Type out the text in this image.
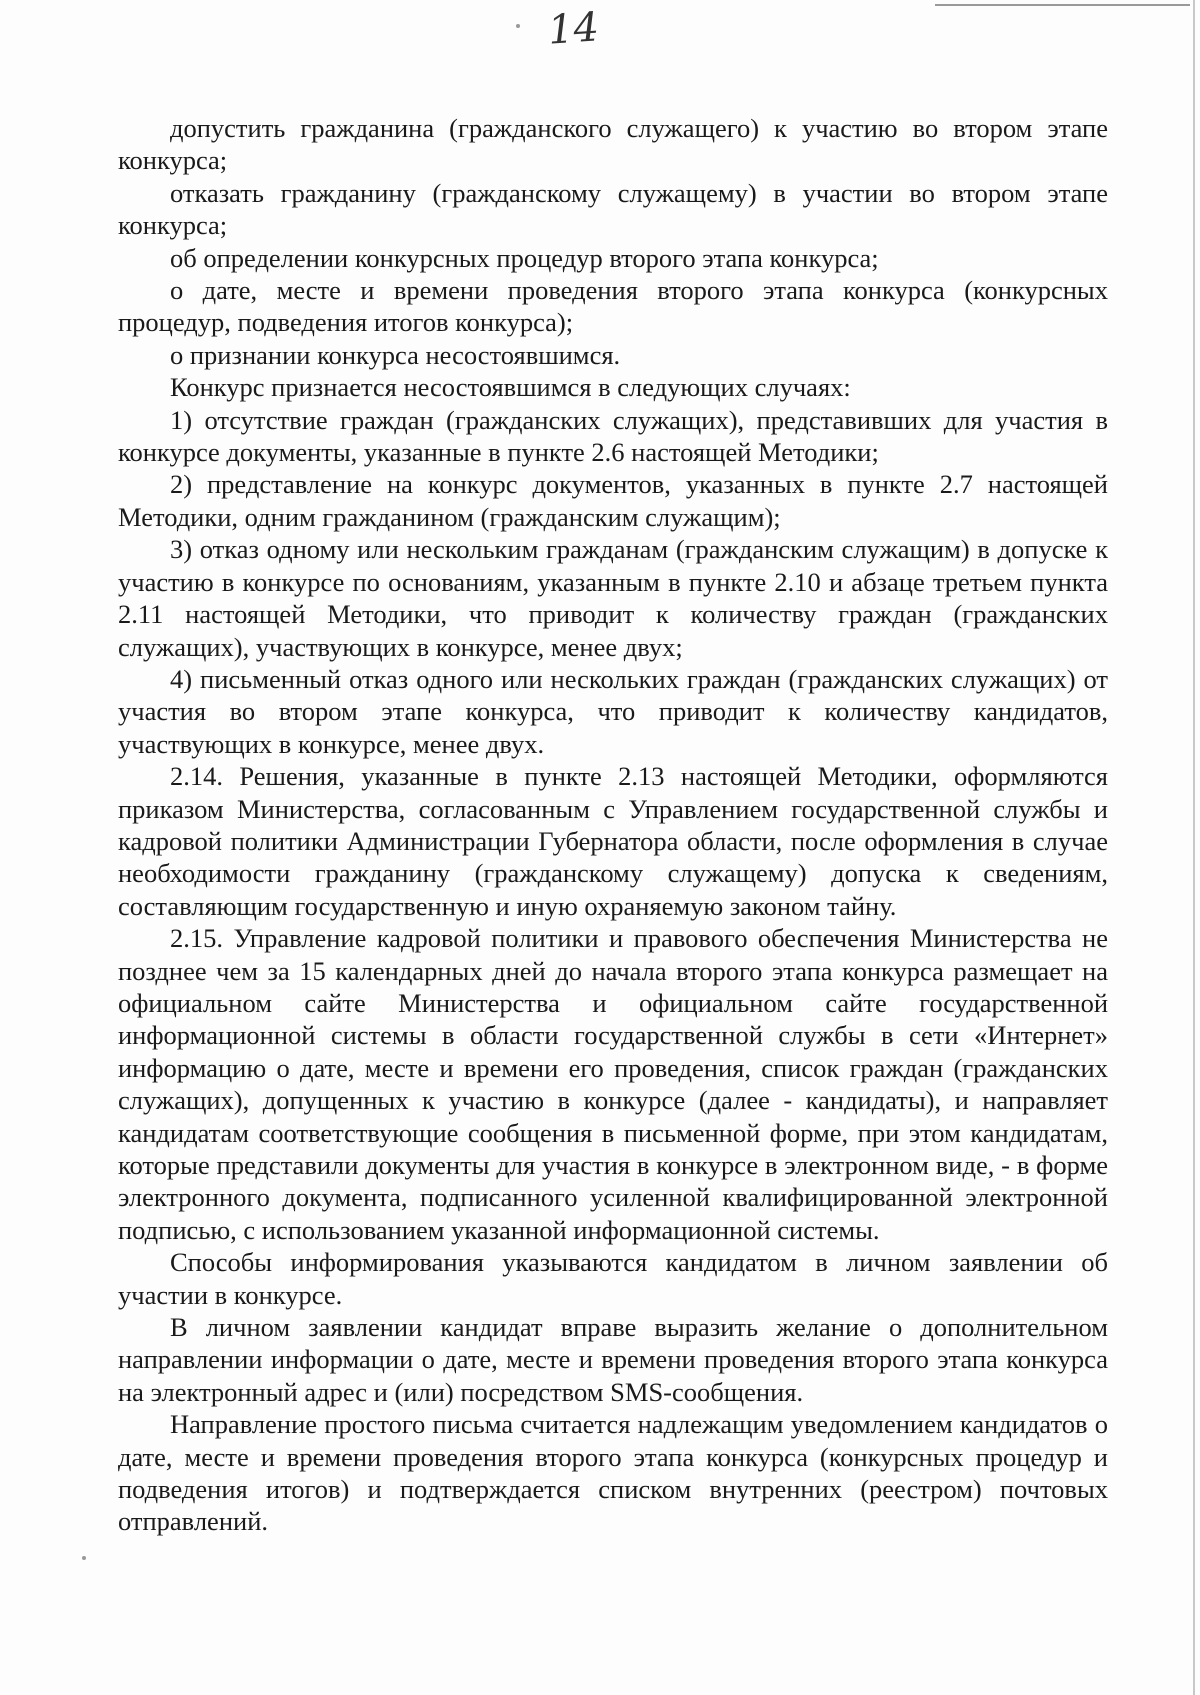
14

допустить гражданина (гражданского служащего) к участию во втором этапе конкурса;

отказать гражданину (гражданскому служащему) в участии во втором этапе конкурса;

об определении конкурсных процедур второго этапа конкурса;

о дате, месте и времени проведения второго этапа конкурса (конкурсных процедур, подведения итогов конкурса);

о признании конкурса несостоявшимся.

Конкурс признается несостоявшимся в следующих случаях:

1) отсутствие граждан (гражданских служащих), представивших для участия в конкурсе документы, указанные в пункте 2.6 настоящей Методики;

2) представление на конкурс документов, указанных в пункте 2.7 настоящей Методики, одним гражданином (гражданским служащим);

3) отказ одному или нескольким гражданам (гражданским служащим) в допуске к участию в конкурсе по основаниям, указанным в пункте 2.10 и абзаце третьем пункта 2.11 настоящей Методики, что приводит к количеству граждан (гражданских служащих), участвующих в конкурсе, менее двух;

4) письменный отказ одного или нескольких граждан (гражданских служащих) от участия во втором этапе конкурса, что приводит к количеству кандидатов, участвующих в конкурсе, менее двух.

2.14. Решения, указанные в пункте 2.13 настоящей Методики, оформляются приказом Министерства, согласованным с Управлением государственной службы и кадровой политики Администрации Губернатора области, после оформления в случае необходимости гражданину (гражданскому служащему) допуска к сведениям, составляющим государственную и иную охраняемую законом тайну.

2.15. Управление кадровой политики и правового обеспечения Министерства не позднее чем за 15 календарных дней до начала второго этапа конкурса размещает на официальном сайте Министерства и официальном сайте государственной информационной системы в области государственной службы в сети «Интернет» информацию о дате, месте и времени его проведения, список граждан (гражданских служащих), допущенных к участию в конкурсе (далее - кандидаты), и направляет кандидатам соответствующие сообщения в письменной форме, при этом кандидатам, которые представили документы для участия в конкурсе в электронном виде, - в форме электронного документа, подписанного усиленной квалифицированной электронной подписью, с использованием указанной информационной системы.

Способы информирования указываются кандидатом в личном заявлении об участии в конкурсе.

В личном заявлении кандидат вправе выразить желание о дополнительном направлении информации о дате, месте и времени проведения второго этапа конкурса на электронный адрес и (или) посредством SMS-сообщения.

Направление простого письма считается надлежащим уведомлением кандидатов о дате, месте и времени проведения второго этапа конкурса (конкурсных процедур и подведения итогов) и подтверждается списком внутренних (реестром) почтовых отправлений.
